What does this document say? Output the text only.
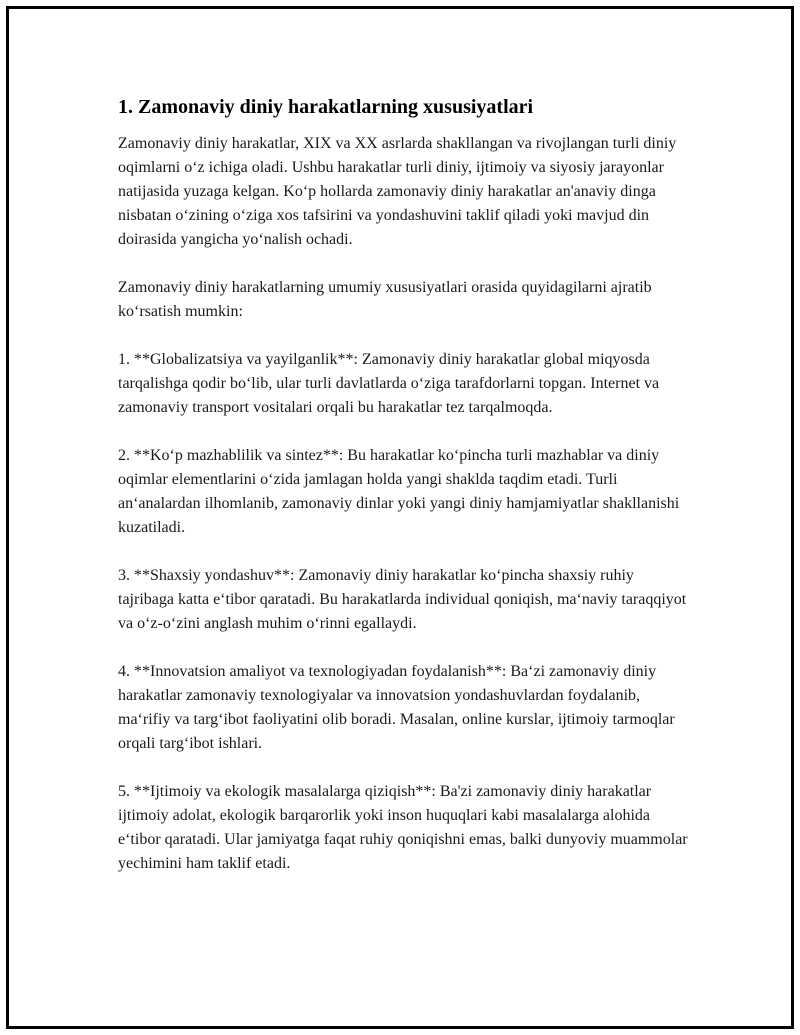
1. Zamonaviy diniy harakatlarning xususiyatlari

Zamonaviy diniy harakatlar, XIX va XX asrlarda shakllangan va rivojlangan turli diniy oqimlarni o‘z ichiga oladi. Ushbu harakatlar turli diniy, ijtimoiy va siyosiy jarayonlar natijasida yuzaga kelgan. Ko‘p hollarda zamonaviy diniy harakatlar an'anaviy dinga nisbatan o‘zining o‘ziga xos tafsirini va yondashuvini taklif qiladi yoki mavjud din doirasida yangicha yo‘nalish ochadi.

Zamonaviy diniy harakatlarning umumiy xususiyatlari orasida quyidagilarni ajratib ko‘rsatish mumkin:

1. **Globalizatsiya va yayilganlik**: Zamonaviy diniy harakatlar global miqyosda tarqalishga qodir bo‘lib, ular turli davlatlarda o‘ziga tarafdorlarni topgan. Internet va zamonaviy transport vositalari orqali bu harakatlar tez tarqalmoqda.

2. **Ko‘p mazhablilik va sintez**: Bu harakatlar ko‘pincha turli mazhablar va diniy oqimlar elementlarini o‘zida jamlagan holda yangi shaklda taqdim etadi. Turli an‘analardan ilhomlanib, zamonaviy dinlar yoki yangi diniy hamjamiyatlar shakllanishi kuzatiladi.

3. **Shaxsiy yondashuv**: Zamonaviy diniy harakatlar ko‘pincha shaxsiy ruhiy tajribaga katta e‘tibor qaratadi. Bu harakatlarda individual qoniqish, ma‘naviy taraqqiyot va o‘z-o‘zini anglash muhim o‘rinni egallaydi.

4. **Innovatsion amaliyot va texnologiyadan foydalanish**: Ba‘zi zamonaviy diniy harakatlar zamonaviy texnologiyalar va innovatsion yondashuvlardan foydalanib, ma‘rifiy va targ‘ibot faoliyatini olib boradi. Masalan, online kurslar, ijtimoiy tarmoqlar orqali targ‘ibot ishlari.

5. **Ijtimoiy va ekologik masalalarga qiziqish**: Ba'zi zamonaviy diniy harakatlar ijtimoiy adolat, ekologik barqarorlik yoki inson huquqlari kabi masalalarga alohida e‘tibor qaratadi. Ular jamiyatga faqat ruhiy qoniqishni emas, balki dunyoviy muammolar yechimini ham taklif etadi.
